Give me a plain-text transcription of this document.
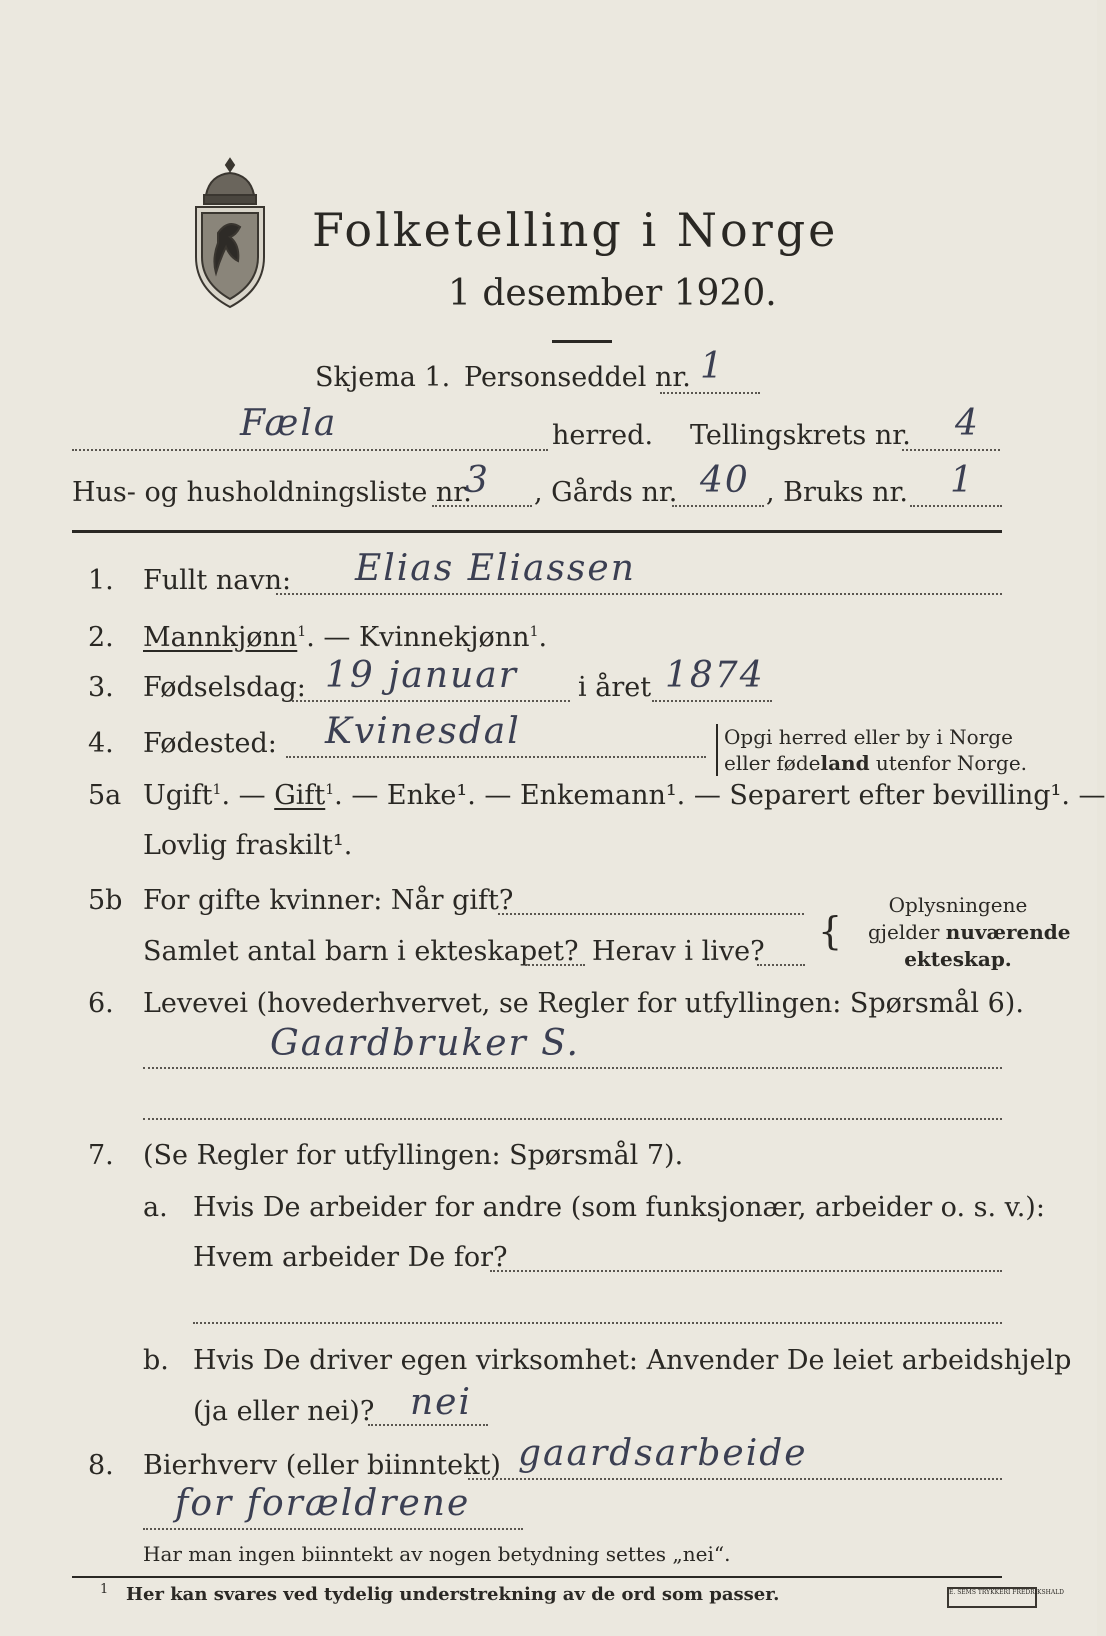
Folketelling i Norge
1 desember 1920.
Skjema 1. Personseddel nr. 1
Fæla	herred. Tellingskrets nr. 4
Hus- og husholdningsliste nr.
3 , Gårds nr. 40 , Bruks nr. 1
1. Fullt navn: Elias Eliassen
2. Mannkjønn$^1$. — Kvinnekjønn$^1$.
3. Fødselsdag: 19 januar i året 1874
4. Fødested: Kvinesdal	Opgi herred eller by i Norge
eller fødeland utenfor Norge.
5a Ugift$^1$. — Gift$^1$. — Enke¹. — Enkemann¹. — Separert efter bevilling¹. —
Lovlig fraskilt¹.
5b For gifte kvinner: Når gift?
Samlet antal barn i ekteskapet? Herav i live? {
Oplysningene
gjelder nuværende
ekteskap.
6. Levevei (hovederhvervet, se Regler for utfyllingen: Spørsmål 6).
Gaardbruker S.
7. (Se Regler for utfyllingen: Spørsmål 7).
a. Hvis De arbeider for andre (som funksjonær, arbeider o. s. v.):
Hvem arbeider De for?
b. Hvis De driver egen virksomhet: Anvender De leiet arbeidshjelp
(ja eller nei)? nei
8. Bierhverv (eller biinntekt) gaardsarbeide
for forældrene
Har man ingen biinntekt av nogen betydning settes „nei“.
1 Her kan svares ved tydelig understrekning av de ord som passer.	E. SEMS TRYKKERI FREDRIKSHALD
